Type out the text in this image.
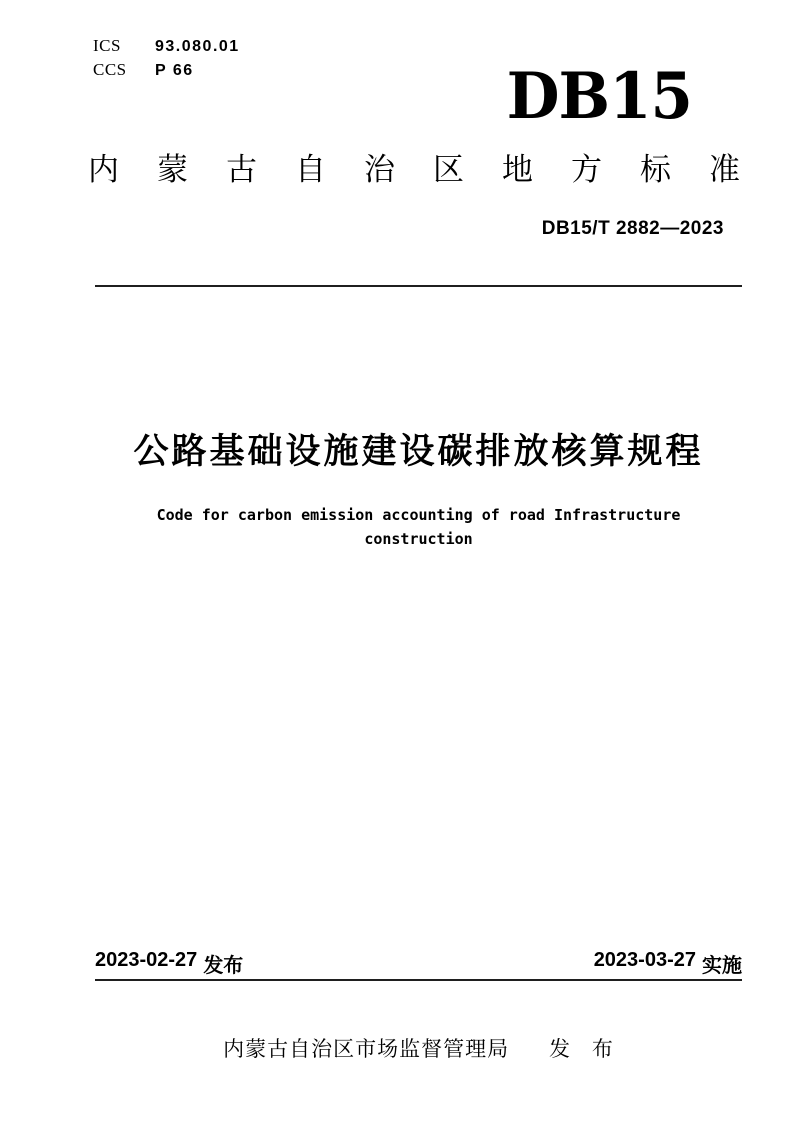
ICS	93.080.01
CCS	P 66	DB15
内 蒙 古 自 治 区 地 方 标 准
DB15/T 2882—2023
公路基础设施建设碳排放核算规程
Code for carbon emission accounting of road Infrastructure
construction
2023-02-27 发布	2023-03-27 实施
内蒙古自治区市场监督管理局 发 布
